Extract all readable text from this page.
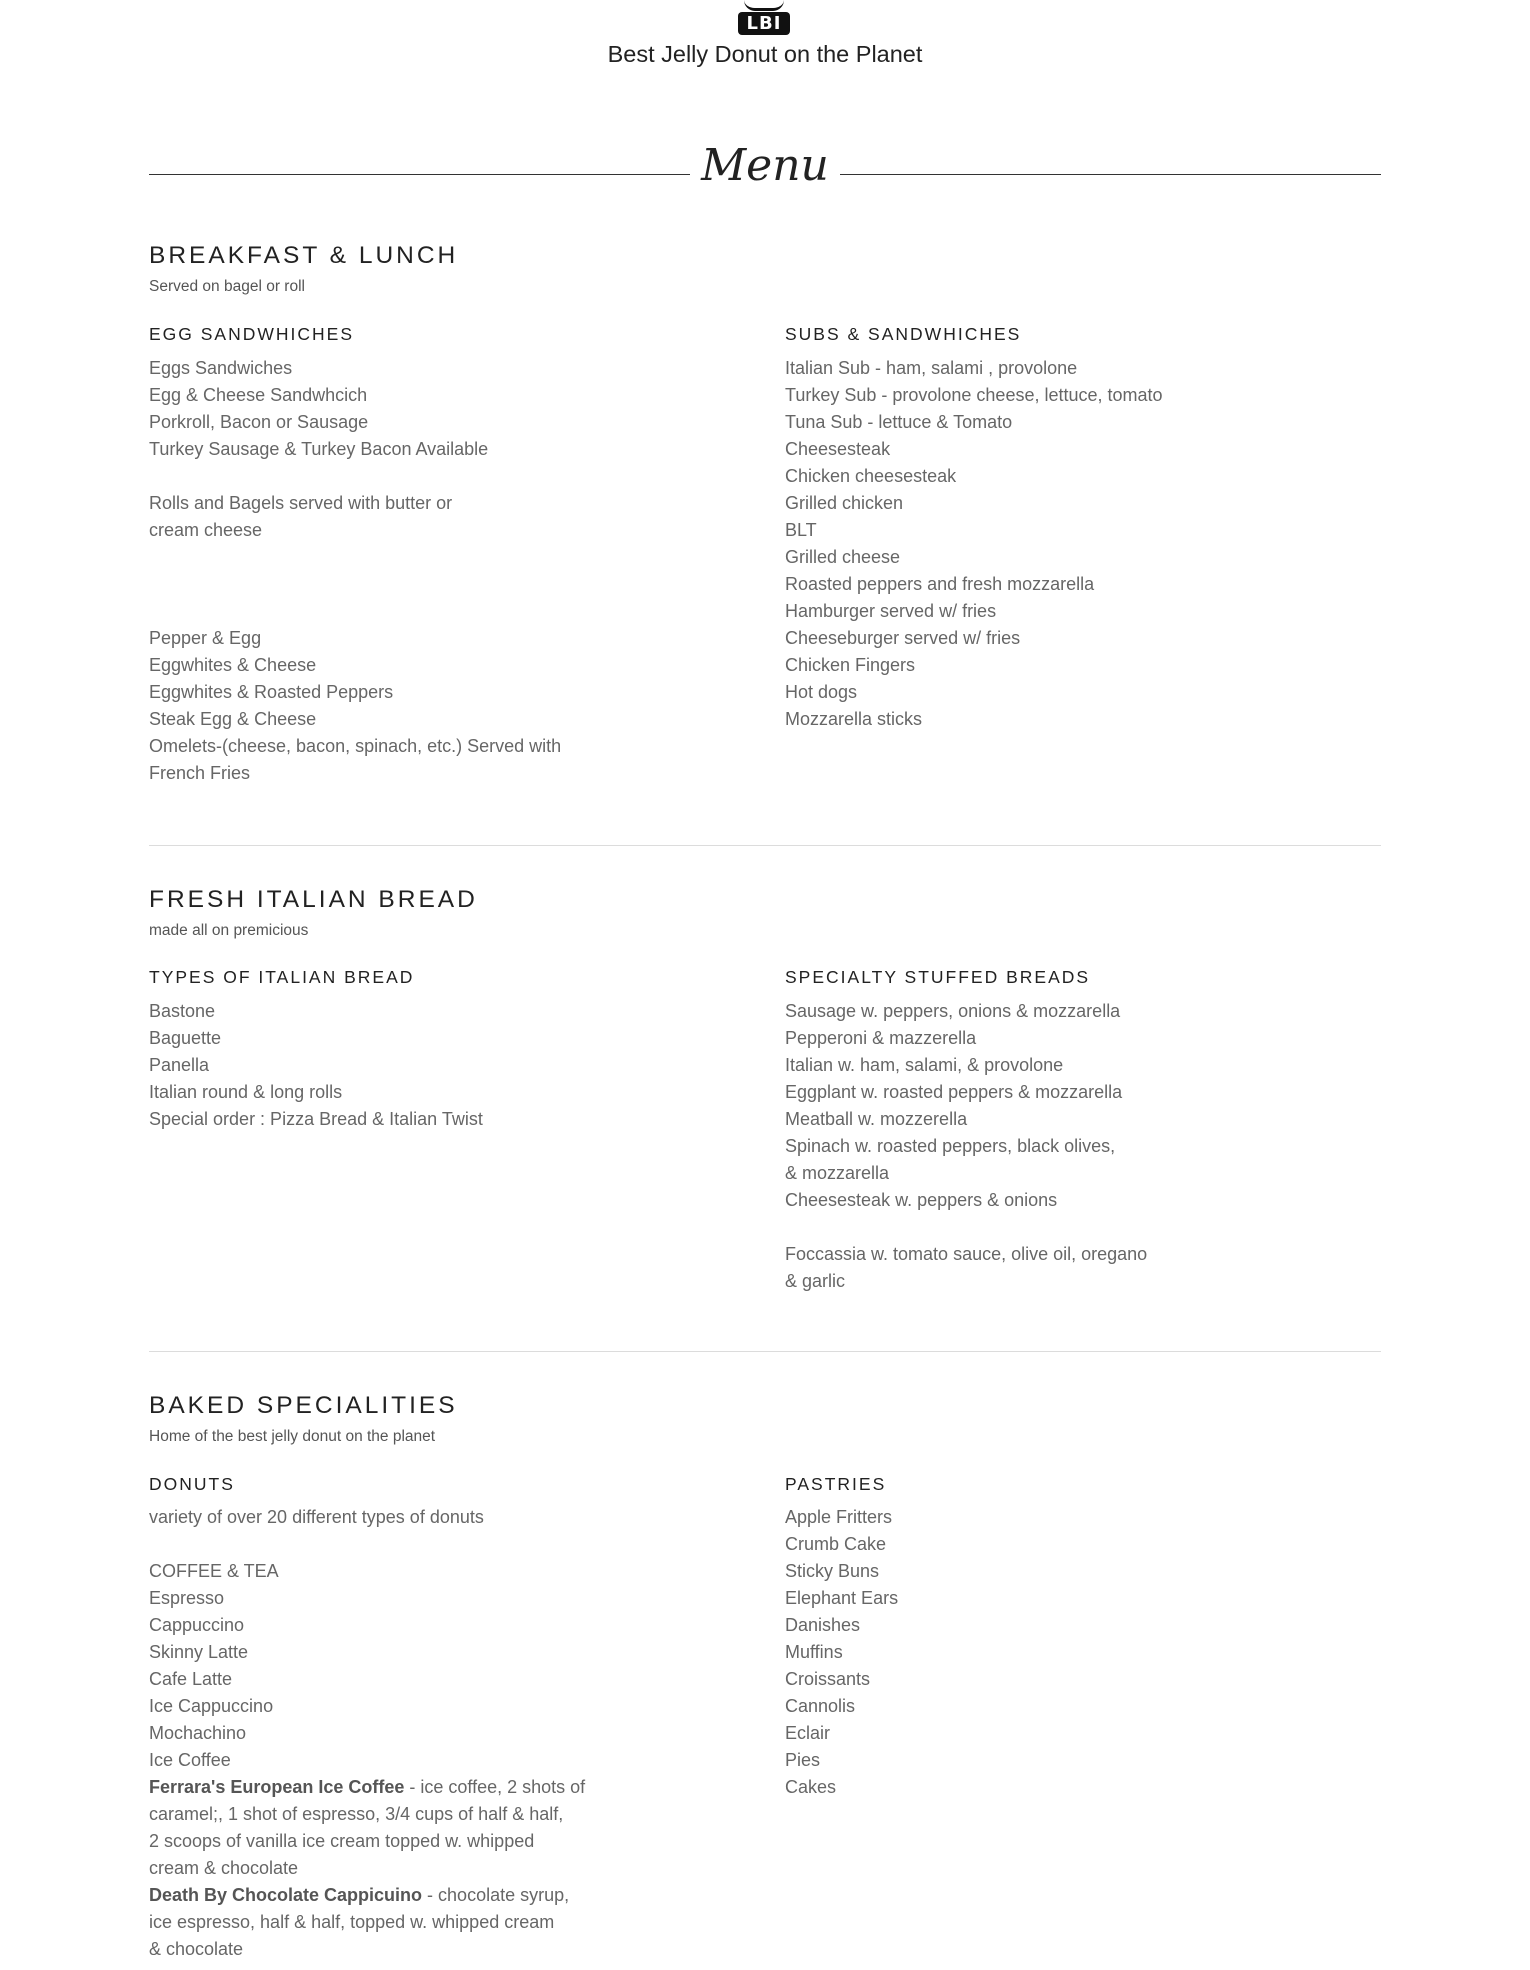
LBI
Best Jelly Donut on the Planet
Menu
BREAKFAST & LUNCH
Served on bagel or roll
EGG SANDWHICHES
Eggs Sandwiches
Egg & Cheese Sandwhcich
Porkroll, Bacon or Sausage
Turkey Sausage & Turkey Bacon Available
Rolls and Bagels served with butter or
cream cheese
Pepper & Egg
Eggwhites & Cheese
Eggwhites & Roasted Peppers
Steak Egg & Cheese
Omelets-(cheese, bacon, spinach, etc.) Served with
French Fries
SUBS & SANDWHICHES
Italian Sub - ham, salami , provolone
Turkey Sub - provolone cheese, lettuce, tomato
Tuna Sub - lettuce & Tomato
Cheesesteak
Chicken cheesesteak
Grilled chicken
BLT
Grilled cheese
Roasted peppers and fresh mozzarella
Hamburger served w/ fries
Cheeseburger served w/ fries
Chicken Fingers
Hot dogs
Mozzarella sticks
FRESH ITALIAN BREAD
made all on premicious
TYPES OF ITALIAN BREAD
Bastone
Baguette
Panella
Italian round & long rolls
Special order : Pizza Bread & Italian Twist
SPECIALTY STUFFED BREADS
Sausage w. peppers, onions & mozzarella
Pepperoni & mazzerella
Italian w. ham, salami, & provolone
Eggplant w. roasted peppers & mozzarella
Meatball w. mozzerella
Spinach w. roasted peppers, black olives,
& mozzarella
Cheesesteak w. peppers & onions
Foccassia w. tomato sauce, olive oil, oregano
& garlic
BAKED SPECIALITIES
Home of the best jelly donut on the planet
DONUTS
variety of over 20 different types of donuts
COFFEE & TEA
Espresso
Cappuccino
Skinny Latte
Cafe Latte
Ice Cappuccino
Mochachino
Ice Coffee
Ferrara's European Ice Coffee - ice coffee, 2 shots of
caramel;, 1 shot of espresso, 3/4 cups of half & half,
2 scoops of vanilla ice cream topped w. whipped
cream & chocolate
Death By Chocolate Cappicuino - chocolate syrup,
ice espresso, half & half, topped w. whipped cream
& chocolate
PASTRIES
Apple Fritters
Crumb Cake
Sticky Buns
Elephant Ears
Danishes
Muffins
Croissants
Cannolis
Eclair
Pies
Cakes
